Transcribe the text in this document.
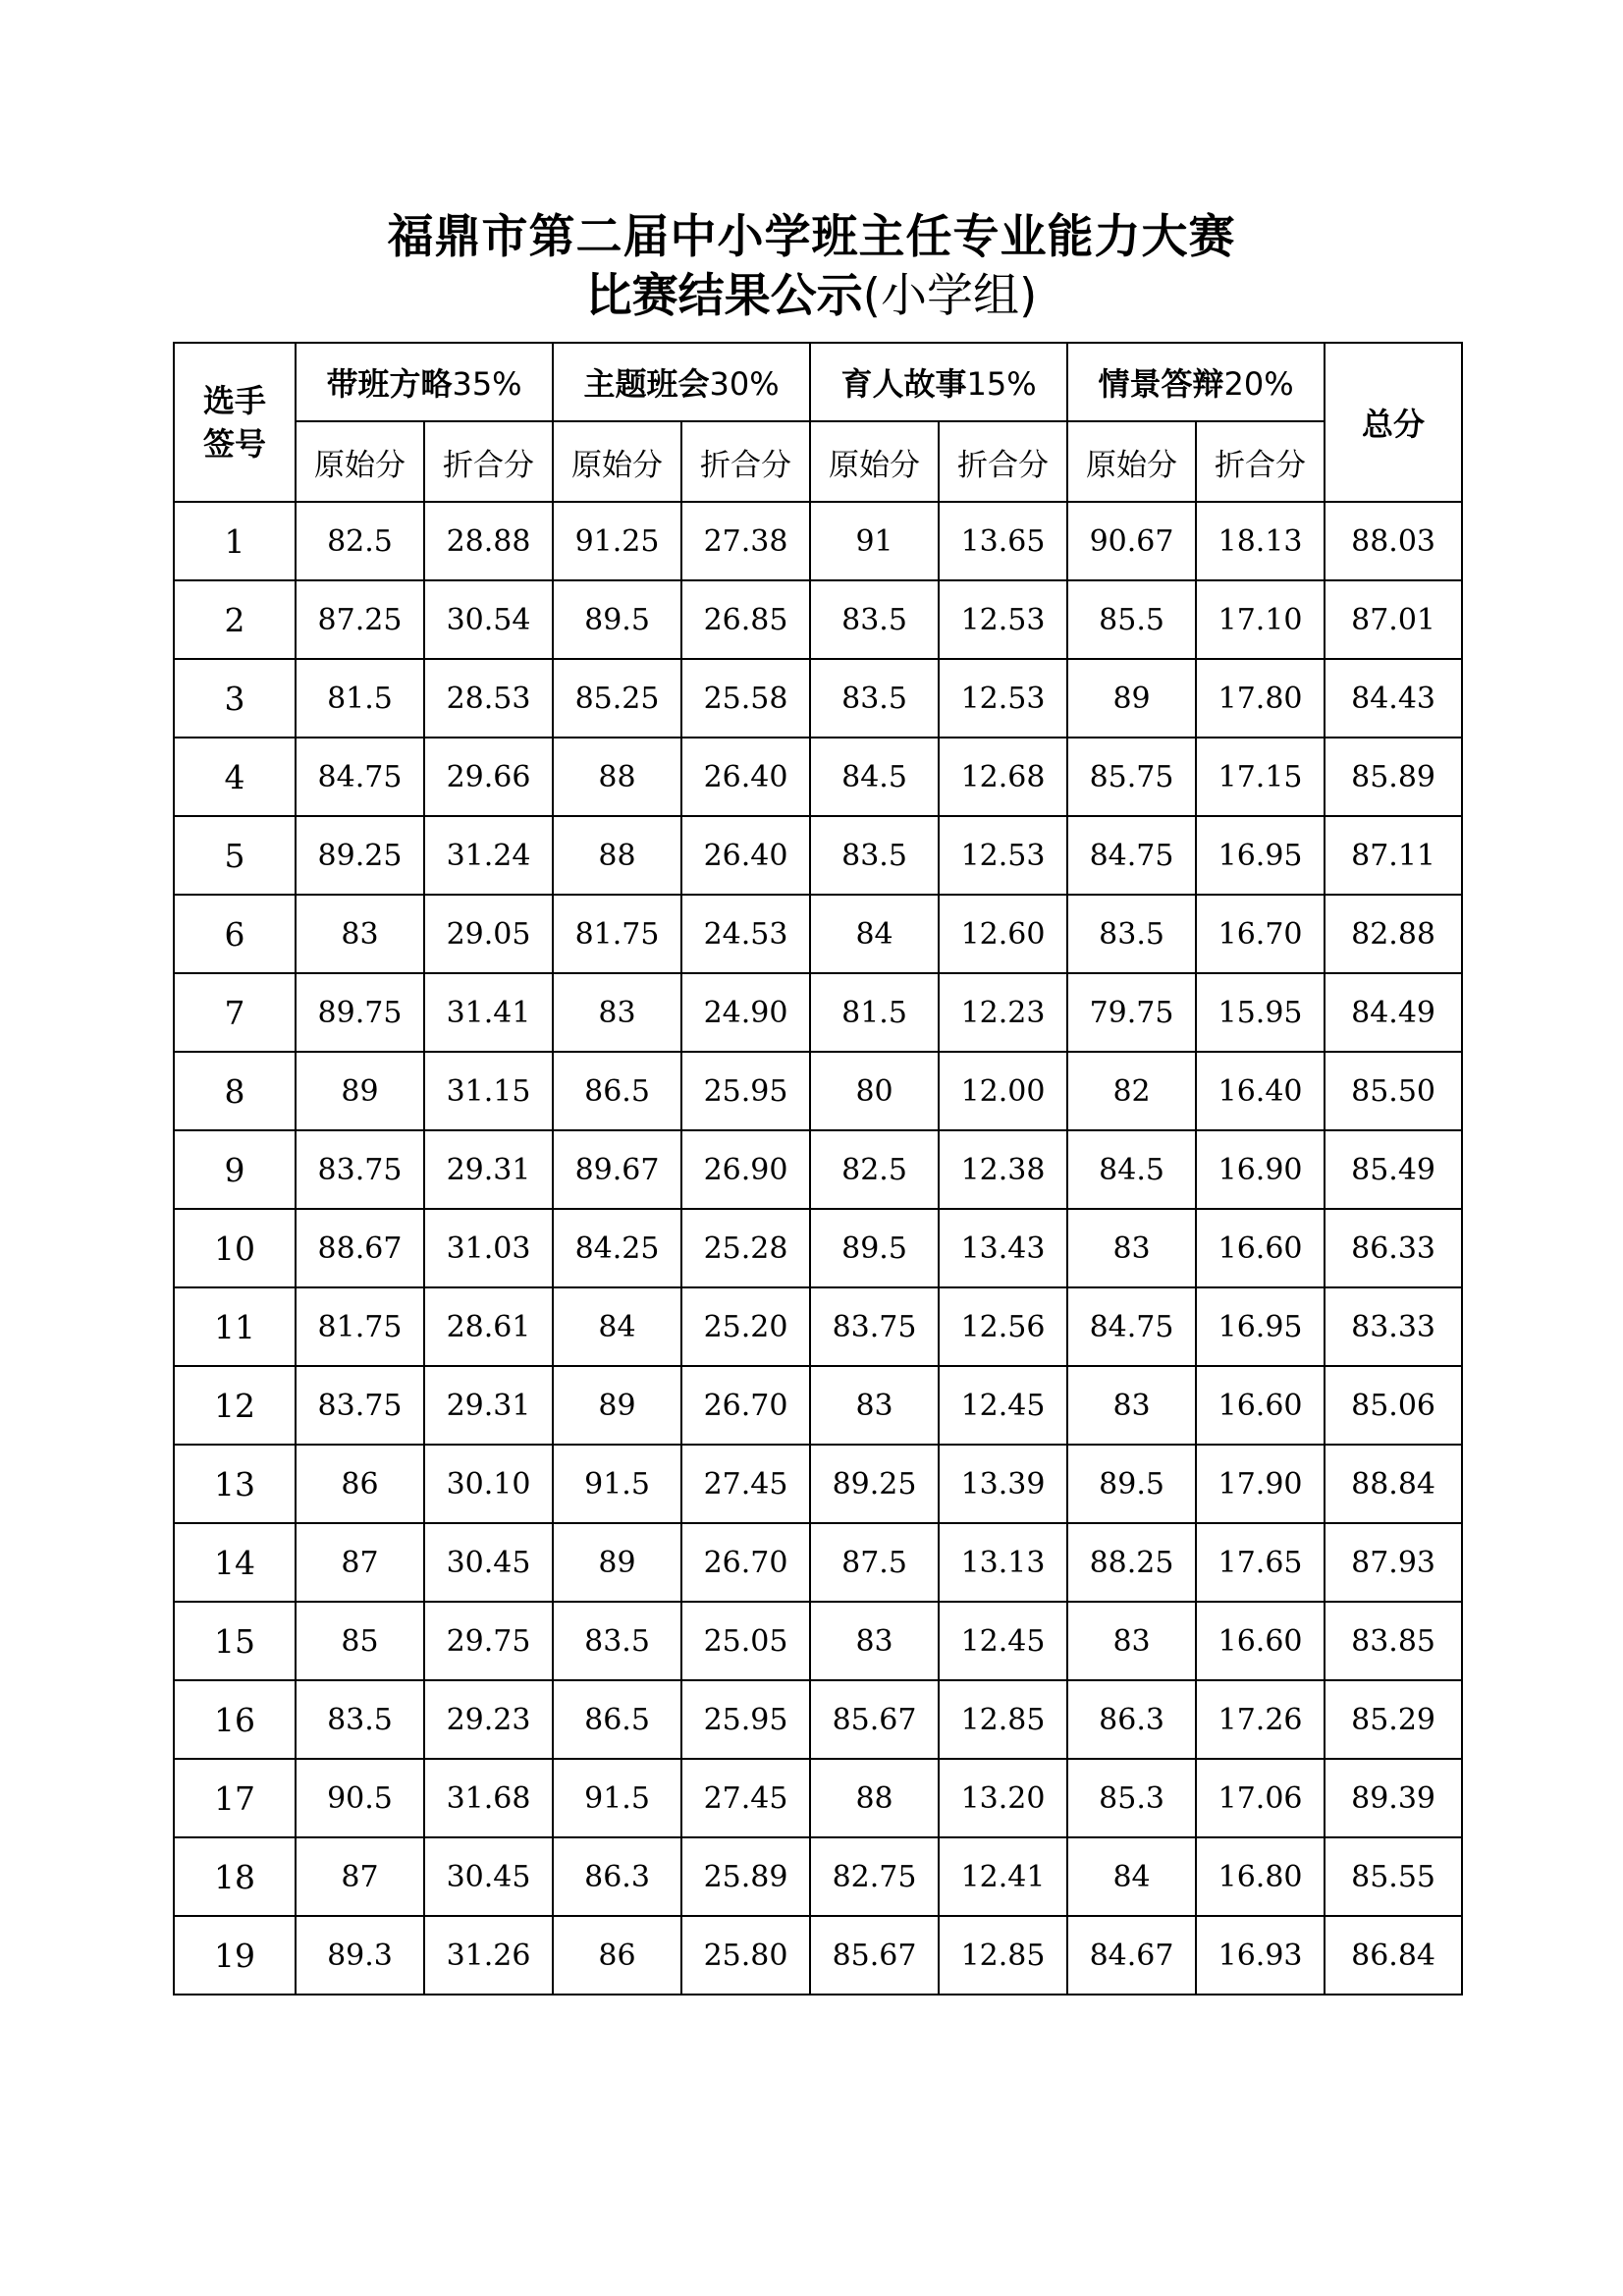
福鼎市第二届中小学班主任专业能力大赛
比赛结果公示(小学组)
选手
签号	带班方略35%		主题班会30%		育人故事15%		情景答辩20%		总分
	原始分	折合分	原始分	折合分	原始分	折合分	原始分	折合分	
1	82.5	28.88	91.25	27.38	91	13.65	90.67	18.13	88.03
2	87.25	30.54	89.5	26.85	83.5	12.53	85.5	17.10	87.01
3	81.5	28.53	85.25	25.58	83.5	12.53	89	17.80	84.43
4	84.75	29.66	88	26.40	84.5	12.68	85.75	17.15	85.89
5	89.25	31.24	88	26.40	83.5	12.53	84.75	16.95	87.11
6	83	29.05	81.75	24.53	84	12.60	83.5	16.70	82.88
7	89.75	31.41	83	24.90	81.5	12.23	79.75	15.95	84.49
8	89	31.15	86.5	25.95	80	12.00	82	16.40	85.50
9	83.75	29.31	89.67	26.90	82.5	12.38	84.5	16.90	85.49
10	88.67	31.03	84.25	25.28	89.5	13.43	83	16.60	86.33
11	81.75	28.61	84	25.20	83.75	12.56	84.75	16.95	83.33
12	83.75	29.31	89	26.70	83	12.45	83	16.60	85.06
13	86	30.10	91.5	27.45	89.25	13.39	89.5	17.90	88.84
14	87	30.45	89	26.70	87.5	13.13	88.25	17.65	87.93
15	85	29.75	83.5	25.05	83	12.45	83	16.60	83.85
16	83.5	29.23	86.5	25.95	85.67	12.85	86.3	17.26	85.29
17	90.5	31.68	91.5	27.45	88	13.20	85.3	17.06	89.39
18	87	30.45	86.3	25.89	82.75	12.41	84	16.80	85.55
19	89.3	31.26	86	25.80	85.67	12.85	84.67	16.93	86.84
